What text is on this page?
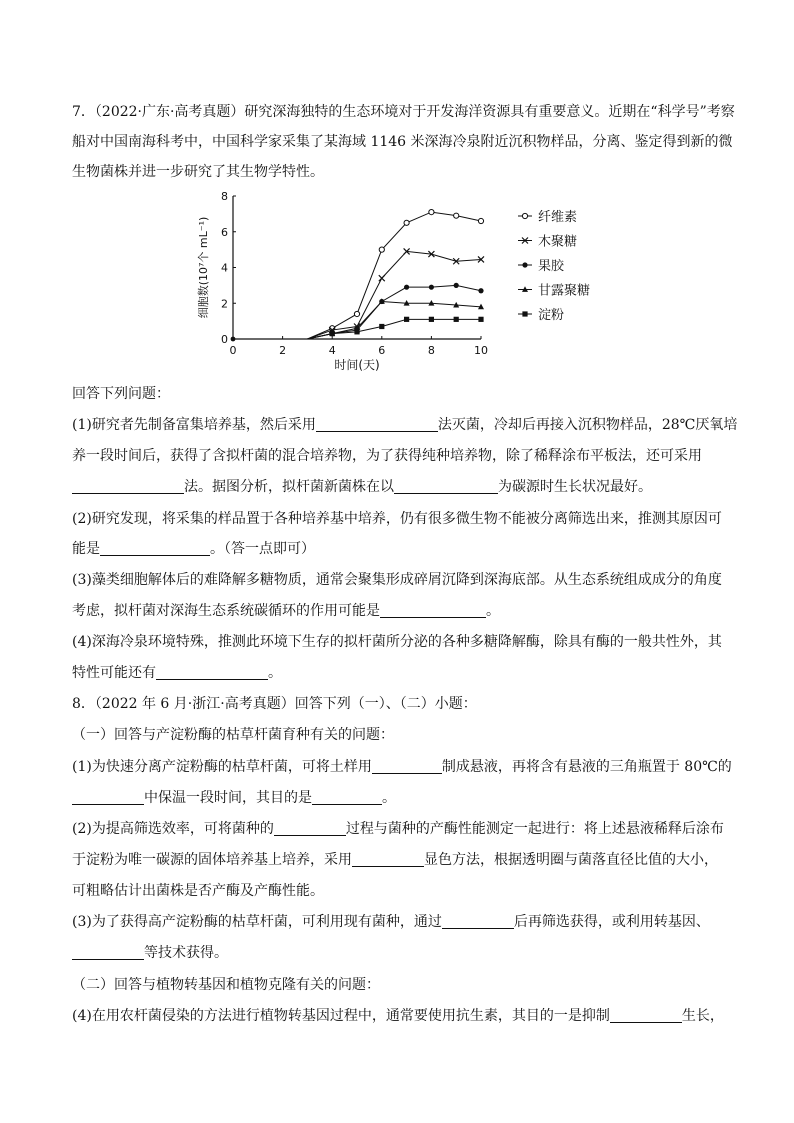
7．（2022·广东·高考真题）研究深海独特的生态环境对于开发海洋资源具有重要意义。近期在“科学号”考察
船对中国南海科考中，中国科学家采集了某海域 1146 米深海冷泉附近沉积物样品，分离、鉴定得到新的微
生物菌株并进一步研究了其生物学特性。
0	2	4	6	8	10
0
2
4
6
8
时间(天)
细胞数(10⁷个 mL⁻¹)	纤维素
木聚糖
果胶
甘露聚糖
淀粉
回答下列问题：
(1)研究者先制备富集培养基，然后采用	法灭菌，冷却后再接入沉积物样品，28℃厌氧培
养一段时间后，获得了含拟杆菌的混合培养物，为了获得纯种培养物，除了稀释涂布平板法，还可采用
法。据图分析，拟杆菌新菌株在以	为碳源时生长状况最好。
(2)研究发现，将采集的样品置于各种培养基中培养，仍有很多微生物不能被分离筛选出来，推测其原因可
能是	。（答一点即可）
(3)藻类细胞解体后的难降解多糖物质，通常会聚集形成碎屑沉降到深海底部。从生态系统组成成分的角度
考虑，拟杆菌对深海生态系统碳循环的作用可能是	。
(4)深海冷泉环境特殊，推测此环境下生存的拟杆菌所分泌的各种多糖降解酶，除具有酶的一般共性外，其
特性可能还有	。
8．（2022 年 6 月·浙江·高考真题）回答下列（一）、（二）小题：
（一）回答与产淀粉酶的枯草杆菌育种有关的问题：
(1)为快速分离产淀粉酶的枯草杆菌，可将土样用	制成悬液，再将含有悬液的三角瓶置于 80℃的
中保温一段时间，其目的是	。
(2)为提高筛选效率，可将菌种的	过程与菌种的产酶性能测定一起进行：将上述悬液稀释后涂布
于淀粉为唯一碳源的固体培养基上培养，采用	显色方法，根据透明圈与菌落直径比值的大小，
可粗略估计出菌株是否产酶及产酶性能。
(3)为了获得高产淀粉酶的枯草杆菌，可利用现有菌种，通过	后再筛选获得，或利用转基因、
等技术获得。
（二）回答与植物转基因和植物克隆有关的问题：
(4)在用农杆菌侵染的方法进行植物转基因过程中，通常要使用抗生素，其目的一是抑制	生长，
